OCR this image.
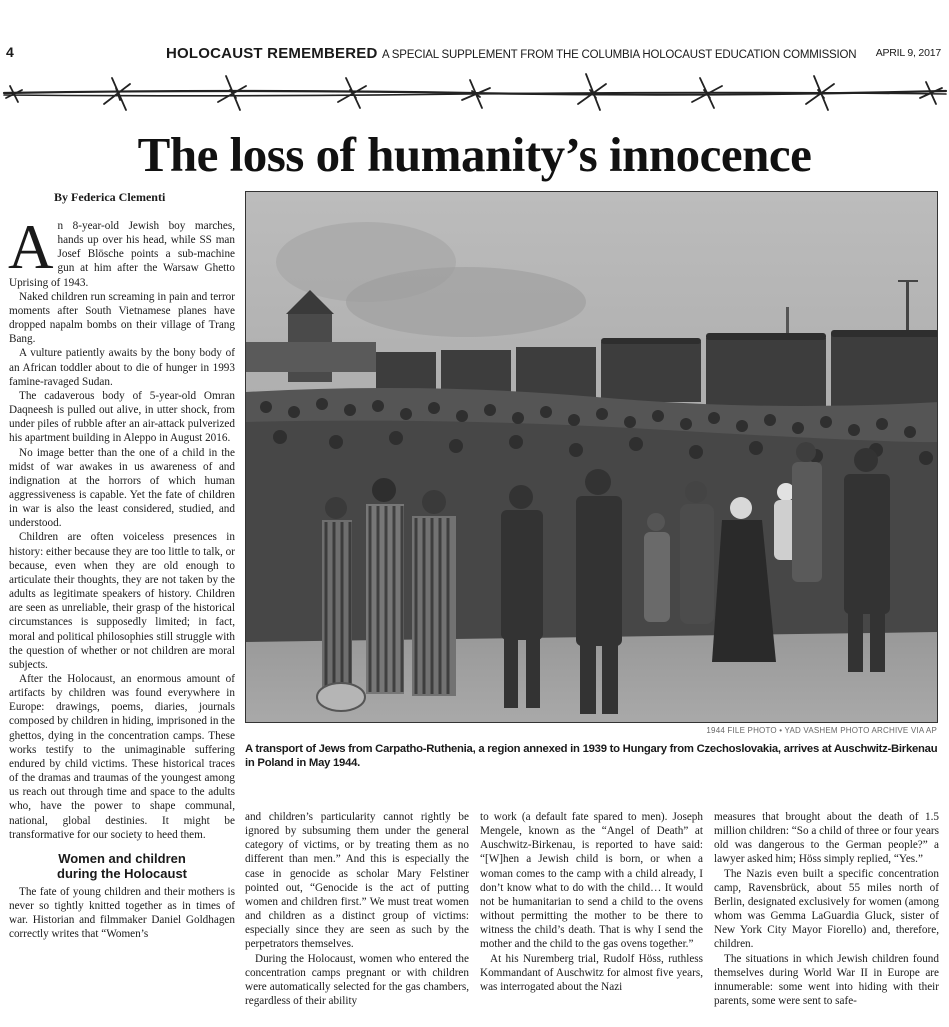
4	HOLOCAUST REMEMBERED A SPECIAL SUPPLEMENT FROM THE COLUMBIA HOLOCAUST EDUCATION COMMISSION APRIL 9, 2017
The loss of humanity’s innocence
By Federica Clementi

An 8-year-old Jewish boy marches, hands up over his head, while SS man Josef Blösche points a sub-machine gun at him after the Warsaw Ghetto Uprising of 1943.

Naked children run screaming in pain and terror moments after South Vietnamese planes have dropped napalm bombs on their village of Trang Bang.

A vulture patiently awaits by the bony body of an African toddler about to die of hunger in 1993 famine-ravaged Sudan.

The cadaverous body of 5-year-old Omran Daqneesh is pulled out alive, in utter shock, from under piles of rubble after an air-attack pulverized his apartment building in Aleppo in August 2016.

No image better than the one of a child in the midst of war awakes in us awareness of and indignation at the horrors of which human aggressiveness is capable. Yet the fate of children in war is also the least considered, studied, and understood.

Children are often voiceless presences in history: either because they are too little to talk, or because, even when they are old enough to articulate their thoughts, they are not taken by the adults as legitimate speakers of history. Children are seen as unreliable, their grasp of the historical circumstances is supposedly limited; in fact, moral and political philosophies still struggle with the question of whether or not children are moral subjects.

After the Holocaust, an enormous amount of artifacts by children was found everywhere in Europe: drawings, poems, diaries, journals composed by children in hiding, imprisoned in the ghettos, dying in the concentration camps. These works testify to the unimaginable suffering endured by child victims. These historical traces of the dramas and traumas of the youngest among us reach out through time and space to the adults who, have the power to shape communal, national, global destinies. It might be transformative for our society to heed them.

Women and children
during the Holocaust

The fate of young children and their mothers is never so tightly knitted together as in times of war. Historian and filmmaker Daniel Goldhagen correctly writes that “Women’s

1944 FILE PHOTO • YAD VASHEM PHOTO ARCHIVE VIA AP
A transport of Jews from Carpatho-Ruthenia, a region annexed in 1939 to Hungary from Czechoslovakia, arrives at Auschwitz-Birkenau in Poland in May 1944.

and children’s particularity cannot rightly be ignored by subsuming them under the general category of victims, or by treating them as no different than men.” And this is especially the case in genocide as scholar Mary Felstiner pointed out, “Genocide is the act of putting women and children first.” We must treat women and children as a distinct group of victims: especially since they are seen as such by the perpetrators themselves.

During the Holocaust, women who entered the concentration camps pregnant or with children were automatically selected for the gas chambers, regardless of their ability

to work (a default fate spared to men). Joseph Mengele, known as the “Angel of Death” at Auschwitz-Birkenau, is reported to have said: “[W]hen a Jewish child is born, or when a woman comes to the camp with a child already, I don’t know what to do with the child… It would not be humanitarian to send a child to the ovens without permitting the mother to be there to witness the child’s death. That is why I send the mother and the child to the gas ovens together.”

At his Nuremberg trial, Rudolf Höss, ruthless Kommandant of Auschwitz for almost five years, was interrogated about the Nazi

measures that brought about the death of 1.5 million children: “So a child of three or four years old was dangerous to the German people?” a lawyer asked him; Höss simply replied, “Yes.”

The Nazis even built a specific concentration camp, Ravensbrück, about 55 miles north of Berlin, designated exclusively for women (among whom was Gemma LaGuardia Gluck, sister of New York City Mayor Fiorello) and, therefore, children.

The situations in which Jewish children found themselves during World War II in Europe are innumerable: some went into hiding with their parents, some were sent to safe-
